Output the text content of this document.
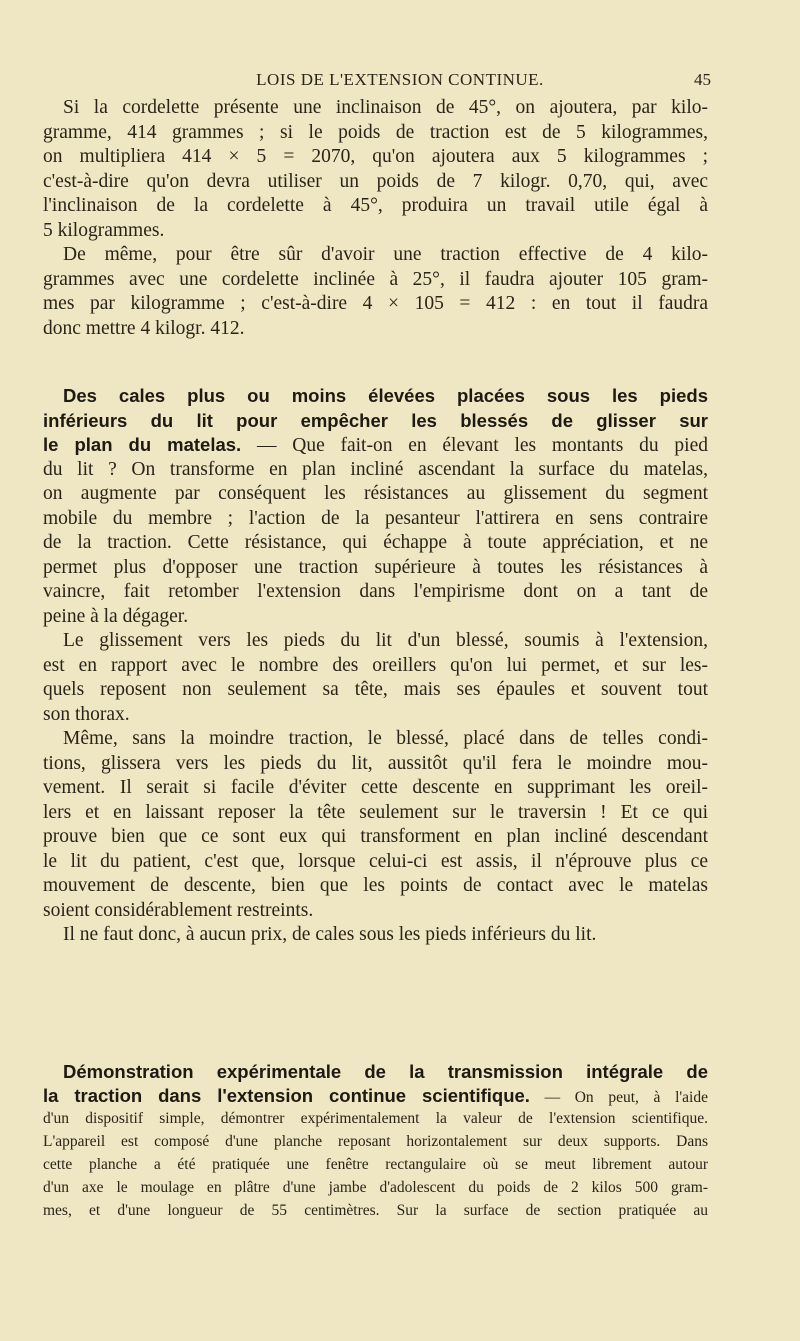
LOIS DE L'EXTENSION CONTINUE.	45
Si la cordelette présente une inclinaison de 45°, on ajoutera, par kilo-
gramme, 414 grammes ; si le poids de traction est de 5 kilogrammes,
on multipliera 414 × 5 = 2070, qu'on ajoutera aux 5 kilogrammes ;
c'est-à-dire qu'on devra utiliser un poids de 7 kilogr. 0,70, qui, avec
l'inclinaison de la cordelette à 45°, produira un travail utile égal à
5 kilogrammes.
De même, pour être sûr d'avoir une traction effective de 4 kilo-
grammes avec une cordelette inclinée à 25°, il faudra ajouter 105 gram-
mes par kilogramme ; c'est-à-dire 4 × 105 = 412 : en tout il faudra
donc mettre 4 kilogr. 412.
Des cales plus ou moins élevées placées sous les pieds
inférieurs du lit pour empêcher les blessés de glisser sur
le plan du matelas. — Que fait-on en élevant les montants du pied
du lit ? On transforme en plan incliné ascendant la surface du matelas,
on augmente par conséquent les résistances au glissement du segment
mobile du membre ; l'action de la pesanteur l'attirera en sens contraire
de la traction. Cette résistance, qui échappe à toute appréciation, et ne
permet plus d'opposer une traction supérieure à toutes les résistances à
vaincre, fait retomber l'extension dans l'empirisme dont on a tant de
peine à la dégager.
Le glissement vers les pieds du lit d'un blessé, soumis à l'extension,
est en rapport avec le nombre des oreillers qu'on lui permet, et sur les-
quels reposent non seulement sa tête, mais ses épaules et souvent tout
son thorax.
Même, sans la moindre traction, le blessé, placé dans de telles condi-
tions, glissera vers les pieds du lit, aussitôt qu'il fera le moindre mou-
vement. Il serait si facile d'éviter cette descente en supprimant les oreil-
lers et en laissant reposer la tête seulement sur le traversin ! Et ce qui
prouve bien que ce sont eux qui transforment en plan incliné descendant
le lit du patient, c'est que, lorsque celui-ci est assis, il n'éprouve plus ce
mouvement de descente, bien que les points de contact avec le matelas
soient considérablement restreints.
Il ne faut donc, à aucun prix, de cales sous les pieds inférieurs du lit.
Démonstration expérimentale de la transmission intégrale de
la traction dans l'extension continue scientifique. — On peut, à l'aide
d'un dispositif simple, démontrer expérimentalement la valeur de l'extension scientifique.
L'appareil est composé d'une planche reposant horizontalement sur deux supports. Dans
cette planche a été pratiquée une fenêtre rectangulaire où se meut librement autour
d'un axe le moulage en plâtre d'une jambe d'adolescent du poids de 2 kilos 500 gram-
mes, et d'une longueur de 55 centimètres. Sur la surface de section pratiquée au
